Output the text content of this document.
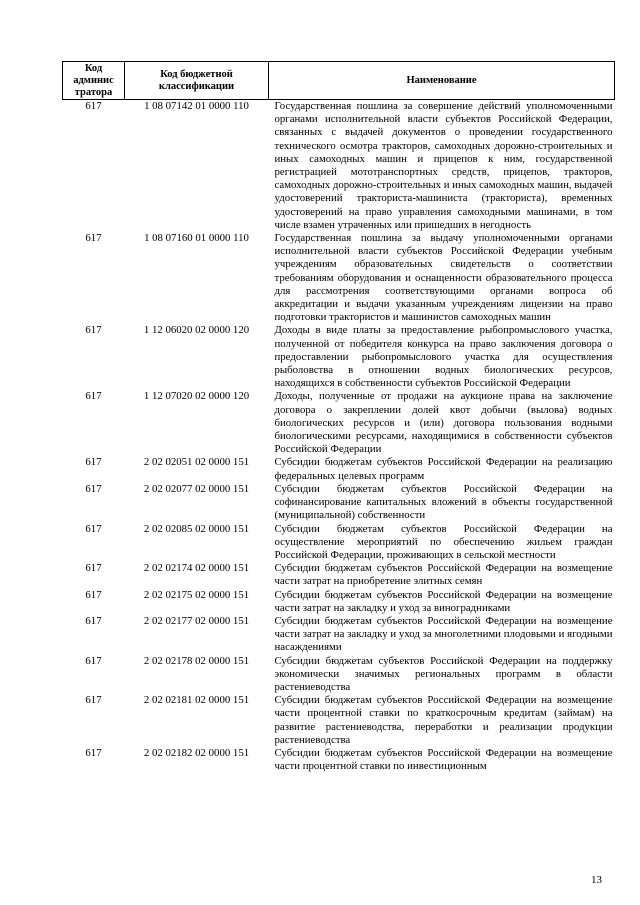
Код админис тратора	Код бюджетной классификации	Наименование
617	1 08 07142 01 0000 110	Государственная пошлина за совершение действий уполномоченными органами исполнительной власти субъектов Российской Федерации, связанных с выдачей документов о проведении государственного технического осмотра тракторов, самоходных дорожно-строительных и иных самоходных машин и прицепов к ним, государственной регистрацией мототранспортных средств, прицепов, тракторов, самоходных дорожно-строительных и иных самоходных машин, выдачей удостоверений тракториста-машиниста (тракториста), временных удостоверений на право управления самоходными машинами, в том числе взамен утраченных или пришедших в негодность
617	1 08 07160 01 0000 110	Государственная пошлина за выдачу уполномоченными органами исполнительной власти субъектов Российской Федерации учебным учреждениям образовательных свидетельств о соответствии требованиям оборудования и оснащенности образовательного процесса для рассмотрения соответствующими органами вопроса об аккредитации и выдачи указанным учреждениям лицензии на право подготовки трактористов и машинистов самоходных машин
617	1 12 06020 02 0000 120	Доходы в виде платы за предоставление рыбопромыслового участка, полученной от победителя конкурса на право заключения договора о предоставлении рыбопромыслового участка для осуществления рыболовства в отношении водных биологических ресурсов, находящихся в собственности субъектов Российской Федерации
617	1 12 07020 02 0000 120	Доходы, полученные от продажи на аукционе права на заключение договора о закреплении долей квот добычи (вылова) водных биологических ресурсов и (или) договора пользования водными биологическими ресурсами, находящимися в собственности субъектов Российской Федерации
617	2 02 02051 02 0000 151	Субсидии бюджетам субъектов Российской Федерации на реализацию федеральных целевых программ
617	2 02 02077 02 0000 151	Субсидии бюджетам субъектов Российской Федерации на софинансирование капитальных вложений в объекты государственной (муниципальной) собственности
617	2 02 02085 02 0000 151	Субсидии бюджетам субъектов Российской Федерации на осуществление мероприятий по обеспечению жильем граждан Российской Федерации, проживающих в сельской местности
617	2 02 02174 02 0000 151	Субсидии бюджетам субъектов Российской Федерации на возмещение части затрат на приобретение элитных семян
617	2 02 02175 02 0000 151	Субсидии бюджетам субъектов Российской Федерации на возмещение части затрат на закладку и уход за виноградниками
617	2 02 02177 02 0000 151	Субсидии бюджетам субъектов Российской Федерации на возмещение части затрат на закладку и уход за многолетними плодовыми и ягодными насаждениями
617	2 02 02178 02 0000 151	Субсидии бюджетам субъектов Российской Федерации на поддержку экономически значимых региональных программ в области растениеводства
617	2 02 02181 02 0000 151	Субсидии бюджетам субъектов Российской Федерации на возмещение части процентной ставки по краткосрочным кредитам (займам) на развитие растениеводства, переработки и реализации продукции растениеводства
617	2 02 02182 02 0000 151	Субсидии бюджетам субъектов Российской Федерации на возмещение части процентной ставки по инвестиционным
13
